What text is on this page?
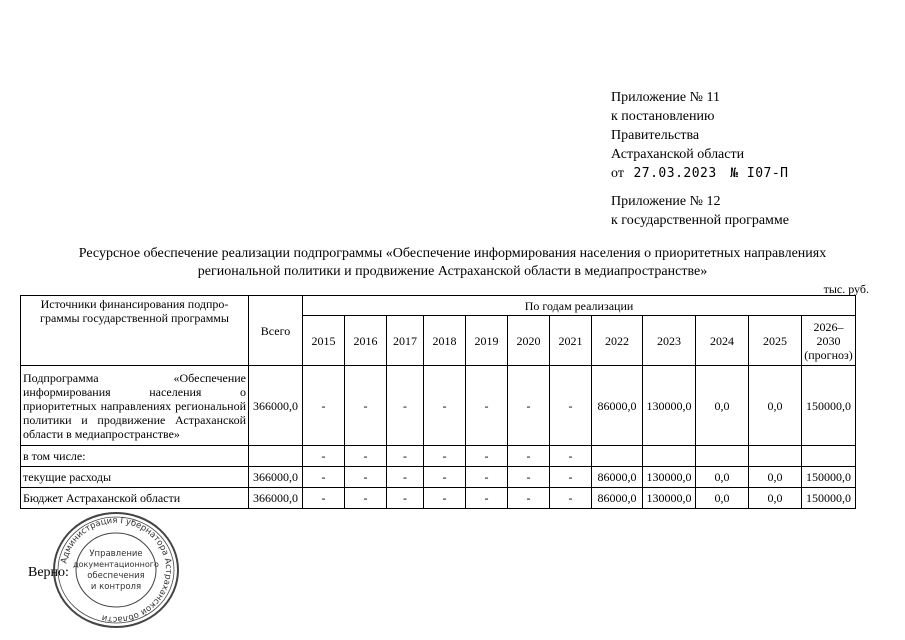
Приложение № 11
к постановлению
Правительства
Астраханской области
от 27.03.2023 № I07-П
Приложение № 12
к государственной программе
Ресурсное обеспечение реализации подпрограммы «Обеспечение информирования населения о приоритетных направлениях
региональной политики и продвижение Астраханской области в медиапространстве»
тыс. руб.
Источники финансирования подпро-граммы государственной программы	Всего	По годам реализации											
		2015	2016	2017	2018	2019	2020	2021	2022	2023	2024	2025	2026–2030 (прогноз)
Подпрограмма «Обеспечение информирования населения о приоритетных направлениях региональной политики и продвижение Астраханской области в медиапространстве»	366000,0	-	-	-	-	-	-	-	86000,0	130000,0	0,0	0,0	150000,0
в том числе:		-	-	-	-	-	-	-					
текущие расходы	366000,0	-	-	-	-	-	-	-	86000,0	130000,0	0,0	0,0	150000,0
Бюджет Астраханской области	366000,0	-	-	-	-	-	-	-	86000,0	130000,0	0,0	0,0	150000,0
Администрация Губернатора Астраханской области
Управление
документационного
обеспечения
и контроля
Верно:
